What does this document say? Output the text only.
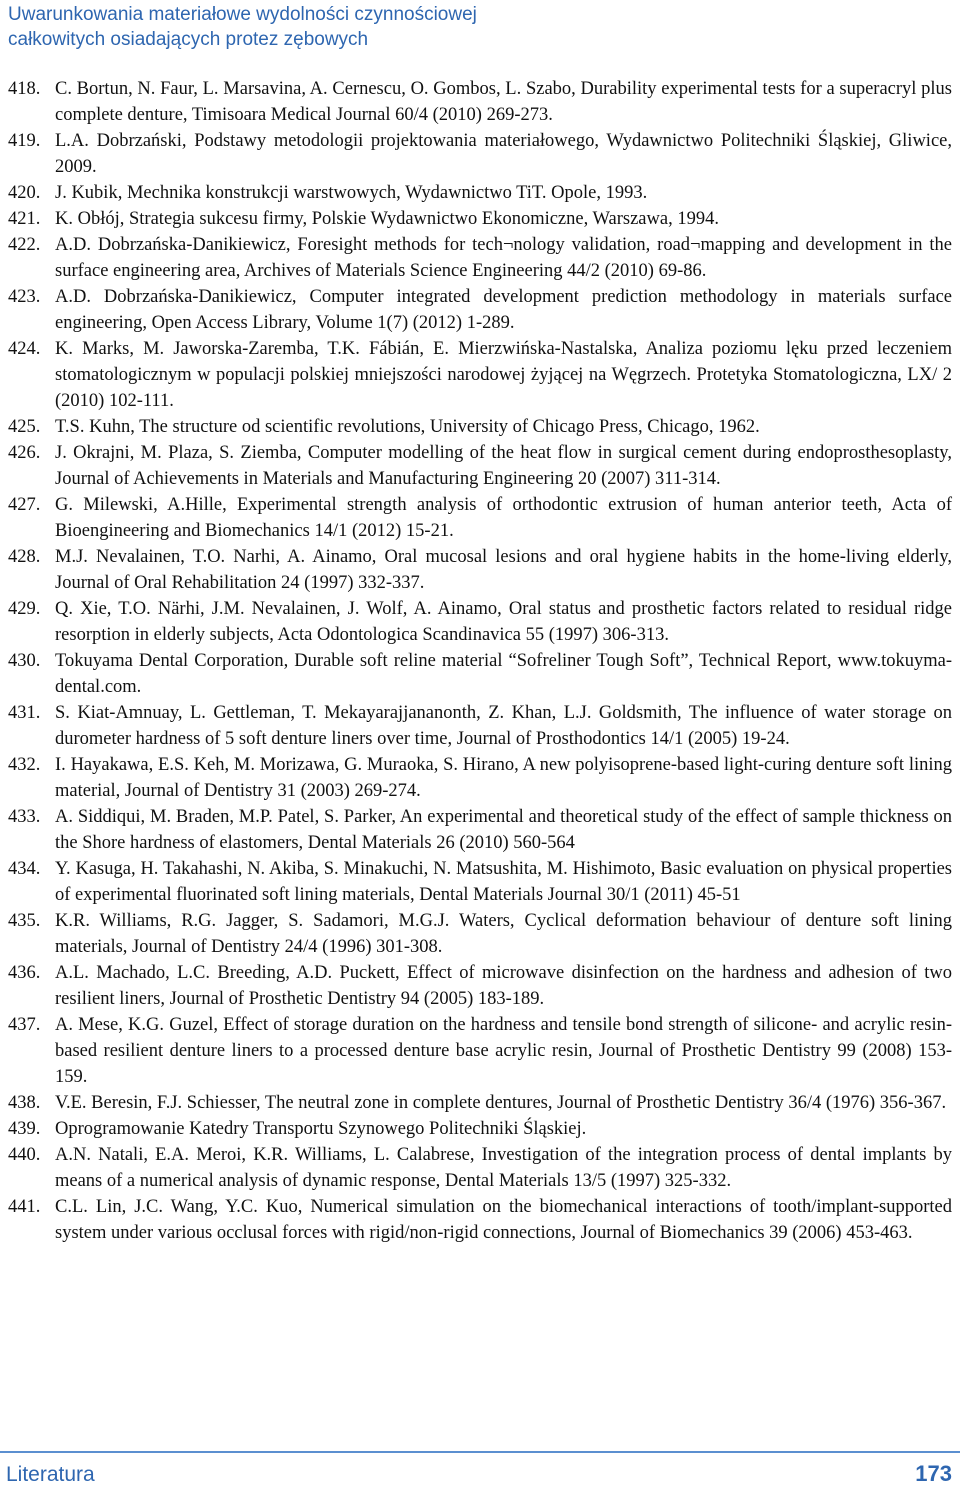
Uwarunkowania materiałowe wydolności czynnościowej
całkowitych osiadających protez zębowych
418. C. Bortun, N. Faur, L. Marsavina, A. Cernescu, O. Gombos, L. Szabo, Durability experimental tests for a superacryl plus complete denture, Timisoara Medical Journal 60/4 (2010) 269-273.
419. L.A. Dobrzański, Podstawy metodologii projektowania materiałowego, Wydawnictwo Politechniki Śląskiej, Gliwice, 2009.
420. J. Kubik, Mechnika konstrukcji warstwowych, Wydawnictwo TiT. Opole, 1993.
421. K. Obłój, Strategia sukcesu firmy, Polskie Wydawnictwo Ekonomiczne, Warszawa, 1994.
422. A.D. Dobrzańska-Danikiewicz, Foresight methods for tech¬nology validation, road¬mapping and development in the surface engineering area, Archives of Materials Science Engineering 44/2 (2010) 69-86.
423. A.D. Dobrzańska-Danikiewicz, Computer integrated development prediction methodology in materials surface engineering, Open Access Library, Volume 1(7) (2012) 1-289.
424. K. Marks, M. Jaworska-Zaremba, T.K. Fábián, E. Mierzwińska-Nastalska, Analiza poziomu lęku przed leczeniem stomatologicznym w populacji polskiej mniejszości narodowej żyjącej na Węgrzech. Protetyka Stomatologiczna, LX/ 2 (2010) 102-111.
425. T.S. Kuhn, The structure od scientific revolutions, University of Chicago Press, Chicago, 1962.
426. J. Okrajni, M. Plaza, S. Ziemba, Computer modelling of the heat flow in surgical cement during endoprosthesoplasty, Journal of Achievements in Materials and Manufacturing Engineering 20 (2007) 311-314.
427. G. Milewski, A.Hille, Experimental strength analysis of orthodontic extrusion of human anterior teeth, Acta of Bioengineering and Biomechanics 14/1 (2012) 15-21.
428. M.J. Nevalainen, T.O. Narhi, A. Ainamo, Oral mucosal lesions and oral hygiene habits in the home-living elderly, Journal of Oral Rehabilitation 24 (1997) 332-337.
429. Q. Xie, T.O. Närhi, J.M. Nevalainen, J. Wolf, A. Ainamo, Oral status and prosthetic factors related to residual ridge resorption in elderly subjects, Acta Odontologica Scandinavica 55 (1997) 306-313.
430. Tokuyama Dental Corporation, Durable soft reline material “Sofreliner Tough Soft”, Technical Report, www.tokuyma-dental.com.
431. S. Kiat-Amnuay, L. Gettleman, T. Mekayarajjananonth, Z. Khan, L.J. Goldsmith, The influence of water storage on durometer hardness of 5 soft denture liners over time, Journal of Prosthodontics 14/1 (2005) 19-24.
432. I. Hayakawa, E.S. Keh, M. Morizawa, G. Muraoka, S. Hirano, A new polyisoprene-based light-curing denture soft lining material, Journal of Dentistry 31 (2003) 269-274.
433. A. Siddiqui, M. Braden, M.P. Patel, S. Parker, An experimental and theoretical study of the effect of sample thickness on the Shore hardness of elastomers, Dental Materials 26 (2010) 560-564
434. Y. Kasuga, H. Takahashi, N. Akiba, S. Minakuchi, N. Matsushita, M. Hishimoto, Basic evaluation on physical properties of experimental fluorinated soft lining materials, Dental Materials Journal 30/1 (2011) 45-51
435. K.R. Williams, R.G. Jagger, S. Sadamori, M.G.J. Waters, Cyclical deformation behaviour of denture soft lining materials, Journal of Dentistry 24/4 (1996) 301-308.
436. A.L. Machado, L.C. Breeding, A.D. Puckett, Effect of microwave disinfection on the hardness and adhesion of two resilient liners, Journal of Prosthetic Dentistry 94 (2005) 183-189.
437. A. Mese, K.G. Guzel, Effect of storage duration on the hardness and tensile bond strength of silicone- and acrylic resin-based resilient denture liners to a processed denture base acrylic resin, Journal of Prosthetic Dentistry 99 (2008) 153-159.
438. V.E. Beresin, F.J. Schiesser, The neutral zone in complete dentures, Journal of Prosthetic Dentistry 36/4 (1976) 356-367.
439. Oprogramowanie Katedry Transportu Szynowego Politechniki Śląskiej.
440. A.N. Natali, E.A. Meroi, K.R. Williams, L. Calabrese, Investigation of the integration process of dental implants by means of a numerical analysis of dynamic response, Dental Materials 13/5 (1997) 325-332.
441. C.L. Lin, J.C. Wang, Y.C. Kuo, Numerical simulation on the biomechanical interactions of tooth/implant-supported system under various occlusal forces with rigid/non-rigid connections, Journal of Biomechanics 39 (2006) 453-463.
Literatura	173
